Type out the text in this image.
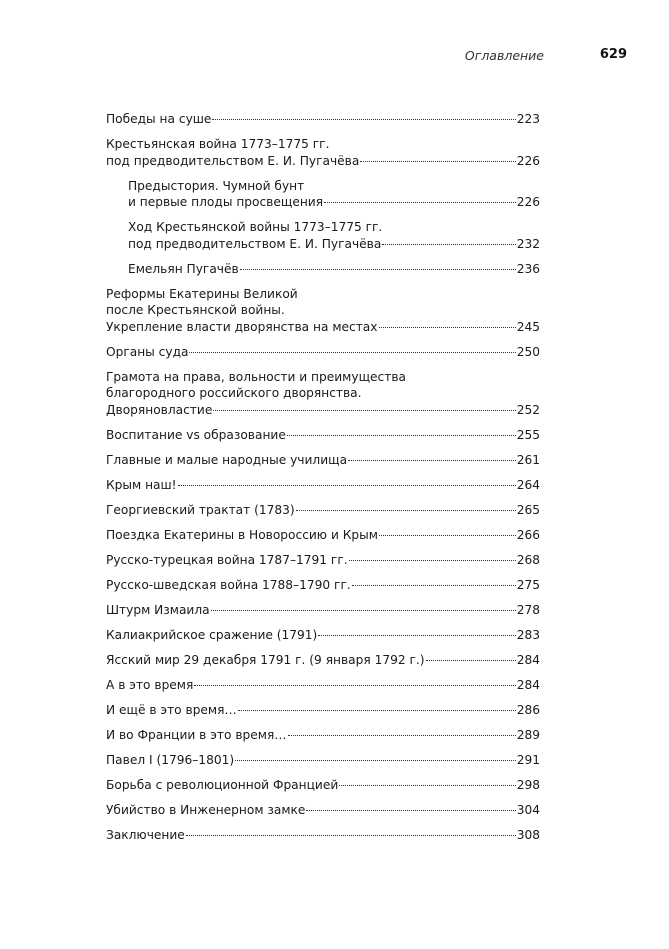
Оглавление	629
Победы на суше	223
Крестьянская война 1773–1775 гг.
под предводительством Е. И. Пугачёва	226
Предыстория. Чумной бунт
и первые плоды просвещения	226
Ход Крестьянской войны 1773–1775 гг.
под предводительством Е. И. Пугачёва	232
Емельян Пугачёв	236
Реформы Екатерины Великой
после Крестьянской войны.
Укрепление власти дворянства на местах	245
Органы суда	250
Грамота на права, вольности и преимущества
благородного российского дворянства.
Дворяновластие	252
Воспитание vs образование	255
Главные и малые народные училища	261
Крым наш!	264
Георгиевский трактат (1783)	265
Поездка Екатерины в Новороссию и Крым	266
Русско-турецкая война 1787–1791 гг.	268
Русско-шведская война 1788–1790 гг.	275
Штурм Измаила	278
Калиакрийское сражение (1791)	283
Ясский мир 29 декабря 1791 г. (9 января 1792 г.)	284
А в это время	284
И ещё в это время…	286
И во Франции в это время…	289
Павел I (1796–1801)	291
Борьба с революционной Францией	298
Убийство в Инженерном замке	304
Заключение	308
